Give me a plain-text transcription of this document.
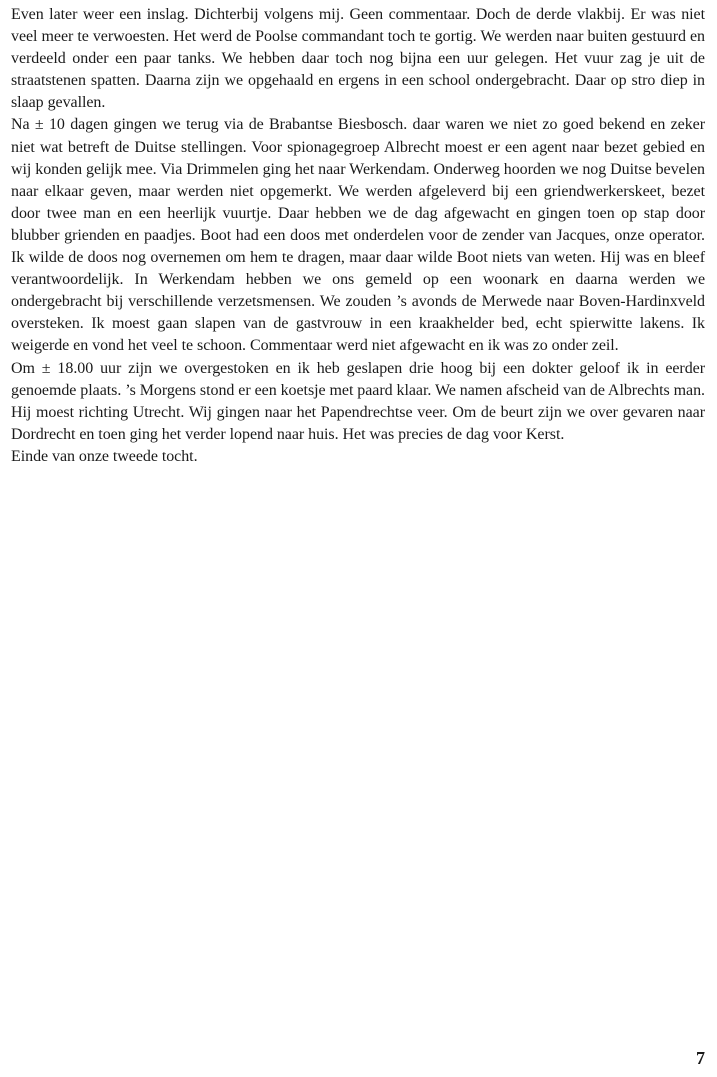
Even later weer een inslag. Dichterbij volgens mij. Geen commentaar. Doch de derde vlakbij. Er was niet veel meer te verwoesten. Het werd de Poolse commandant toch te gortig. We werden naar buiten gestuurd en verdeeld onder een paar tanks. We hebben daar toch nog bijna een uur gelegen. Het vuur zag je uit de straatstenen spatten. Daarna zijn we opgehaald en ergens in een school ondergebracht. Daar op stro diep in slaap gevallen.

Na ± 10 dagen gingen we terug via de Brabantse Biesbosch. daar waren we niet zo goed bekend en zeker niet wat betreft de Duitse stellingen. Voor spionagegroep Albrecht moest er een agent naar bezet gebied en wij konden gelijk mee. Via Drimmelen ging het naar Werkendam. Onderweg hoorden we nog Duitse bevelen naar elkaar geven, maar werden niet opgemerkt. We werden afgeleverd bij een griendwerkerskeet, bezet door twee man en een heerlijk vuurtje. Daar hebben we de dag afgewacht en gingen toen op stap door blubber grienden en paadjes. Boot had een doos met onderdelen voor de zender van Jacques, onze operator. Ik wilde de doos nog overnemen om hem te dragen, maar daar wilde Boot niets van weten. Hij was en bleef verantwoordelijk. In Werkendam hebben we ons gemeld op een woonark en daarna werden we ondergebracht bij verschillende verzetsmensen. We zouden ’s avonds de Merwede naar Boven-Hardinxveld oversteken. Ik moest gaan slapen van de gastvrouw in een kraakhelder bed, echt spierwitte lakens. Ik weigerde en vond het veel te schoon. Commentaar werd niet afgewacht en ik was zo onder zeil.

Om ± 18.00 uur zijn we overgestoken en ik heb geslapen drie hoog bij een dokter geloof ik in eerder genoemde plaats. ’s Morgens stond er een koetsje met paard klaar. We namen afscheid van de Albrechts man. Hij moest richting Utrecht. Wij gingen naar het Papendrechtse veer. Om de beurt zijn we over gevaren naar Dordrecht en toen ging het verder lopend naar huis. Het was precies de dag voor Kerst.

Einde van onze tweede tocht.

7
